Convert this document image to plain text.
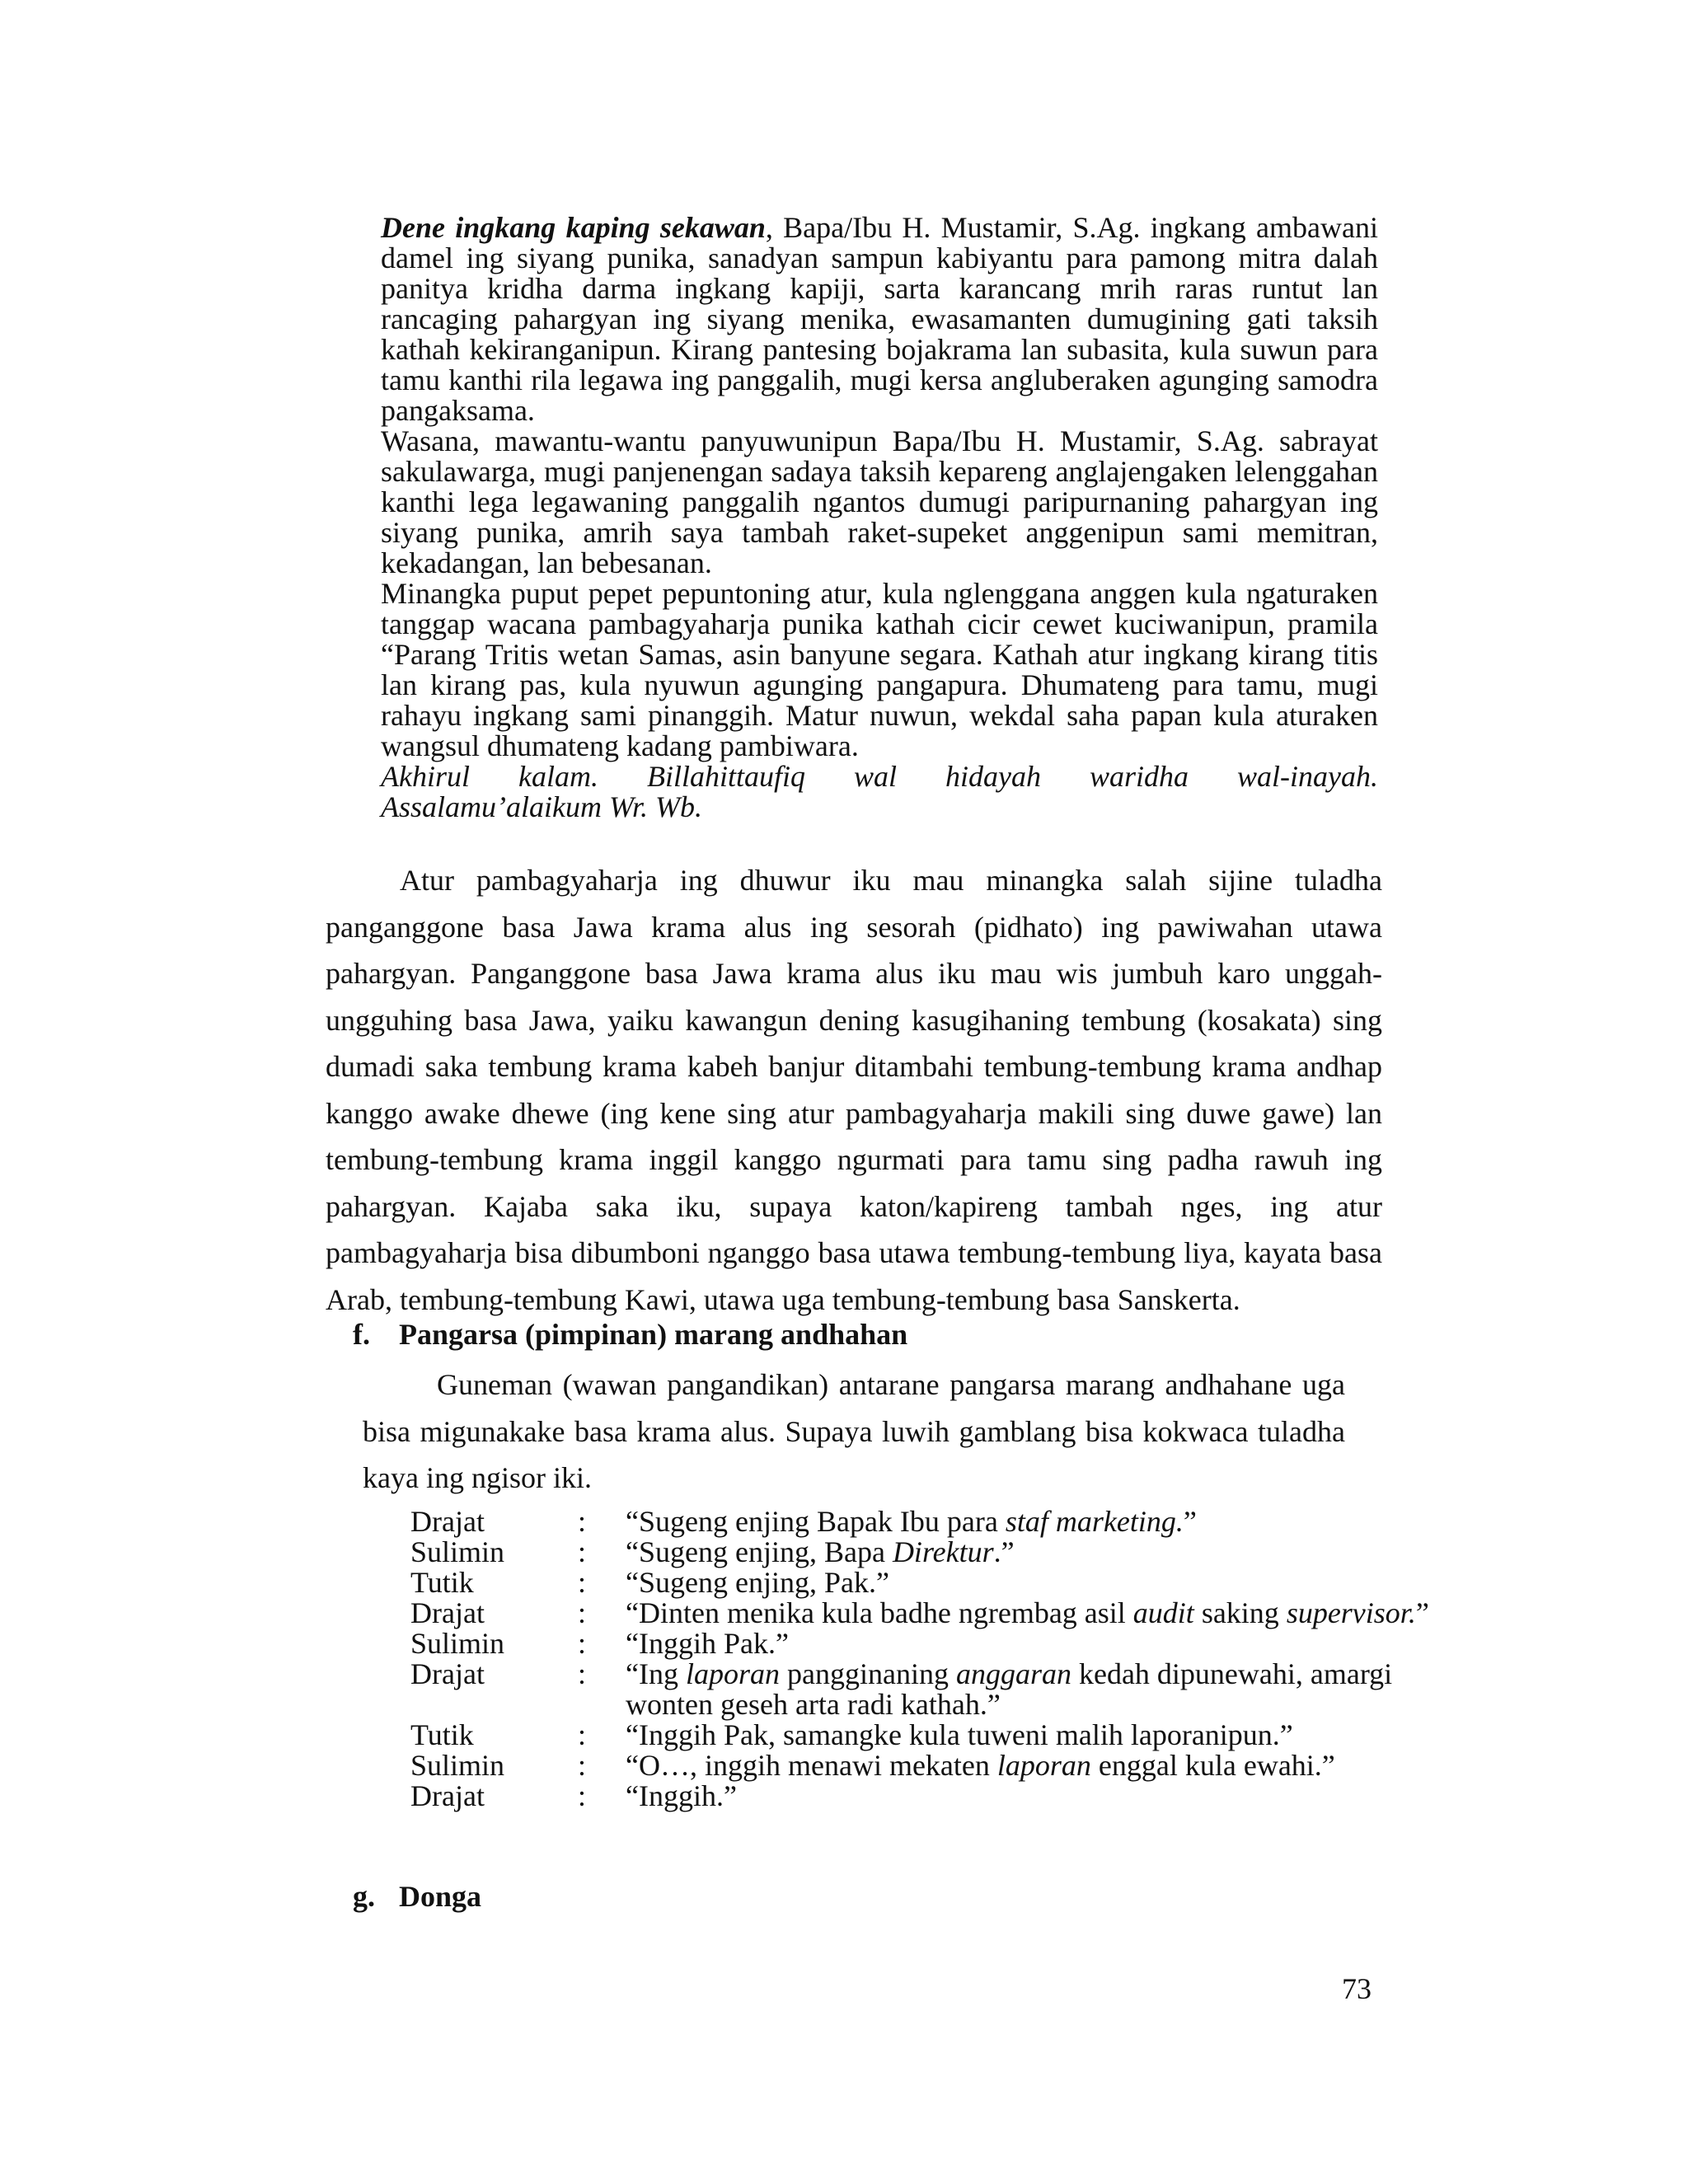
Dene ingkang kaping sekawan, Bapa/Ibu H. Mustamir, S.Ag. ingkang ambawani damel ing siyang punika, sanadyan sampun kabiyantu para pamong mitra dalah panitya kridha darma ingkang kapiji, sarta karancang mrih raras runtut lan rancaging pahargyan ing siyang menika, ewasamanten dumugining gati taksih kathah kekiranganipun. Kirang pantesing bojakrama lan subasita, kula suwun para tamu kanthi rila legawa ing panggalih, mugi kersa angluberaken agunging samodra pangaksama.

Wasana, mawantu-wantu panyuwunipun Bapa/Ibu H. Mustamir, S.Ag. sabrayat sakulawarga, mugi panjenengan sadaya taksih kepareng anglajengaken lelenggahan kanthi lega legawaning panggalih ngantos dumugi paripurnaning pahargyan ing siyang punika, amrih saya tambah raket-supeket anggenipun sami memitran, kekadangan, lan bebesanan.

Minangka puput pepet pepuntoning atur, kula nglenggana anggen kula ngaturaken tanggap wacana pambagyaharja punika kathah cicir cewet kuciwanipun, pramila “Parang Tritis wetan Samas, asin banyune segara. Kathah atur ingkang kirang titis lan kirang pas, kula nyuwun agunging pangapura. Dhumateng para tamu, mugi rahayu ingkang sami pinanggih. Matur nuwun, wekdal saha papan kula aturaken wangsul dhumateng kadang pambiwara.

Akhirul kalam. Billahittaufiq wal hidayah waridha wal-inayah.

Assalamu’alaikum Wr. Wb.

Atur pambagyaharja ing dhuwur iku mau minangka salah sijine tuladha panganggone basa Jawa krama alus ing sesorah (pidhato) ing pawiwahan utawa pahargyan. Panganggone basa Jawa krama alus iku mau wis jumbuh karo unggah-ungguhing basa Jawa, yaiku kawangun dening kasugihaning tembung (kosakata) sing dumadi saka tembung krama kabeh banjur ditambahi tembung-tembung krama andhap kanggo awake dhewe (ing kene sing atur pambagyaharja makili sing duwe gawe) lan tembung-tembung krama inggil kanggo ngurmati para tamu sing padha rawuh ing pahargyan. Kajaba saka iku, supaya katon/kapireng tambah nges, ing atur pambagyaharja bisa dibumboni nganggo basa utawa tembung-tembung liya, kayata basa Arab, tembung-tembung Kawi, utawa uga tembung-tembung basa Sanskerta.

f. Pangarsa (pimpinan) marang andhahan

Guneman (wawan pangandikan) antarane pangarsa marang andhahane uga bisa migunakake basa krama alus. Supaya luwih gamblang bisa kokwaca tuladha kaya ing ngisor iki.

Drajat	:	“Sugeng enjing Bapak Ibu para staf marketing.”
Sulimin	:	“Sugeng enjing, Bapa Direktur.”
Tutik	:	“Sugeng enjing, Pak.”
Drajat	:	“Dinten menika kula badhe ngrembag asil audit saking supervisor.”
Sulimin	:	“Inggih Pak.”
Drajat	:	“Ing laporan pangginaning anggaran kedah dipunewahi, amargi wonten geseh arta radi kathah.”
Tutik	:	“Inggih Pak, samangke kula tuweni malih laporanipun.”
Sulimin	:	“O…, inggih menawi mekaten laporan enggal kula ewahi.”
Drajat	:	“Inggih.”
g. Donga
73
